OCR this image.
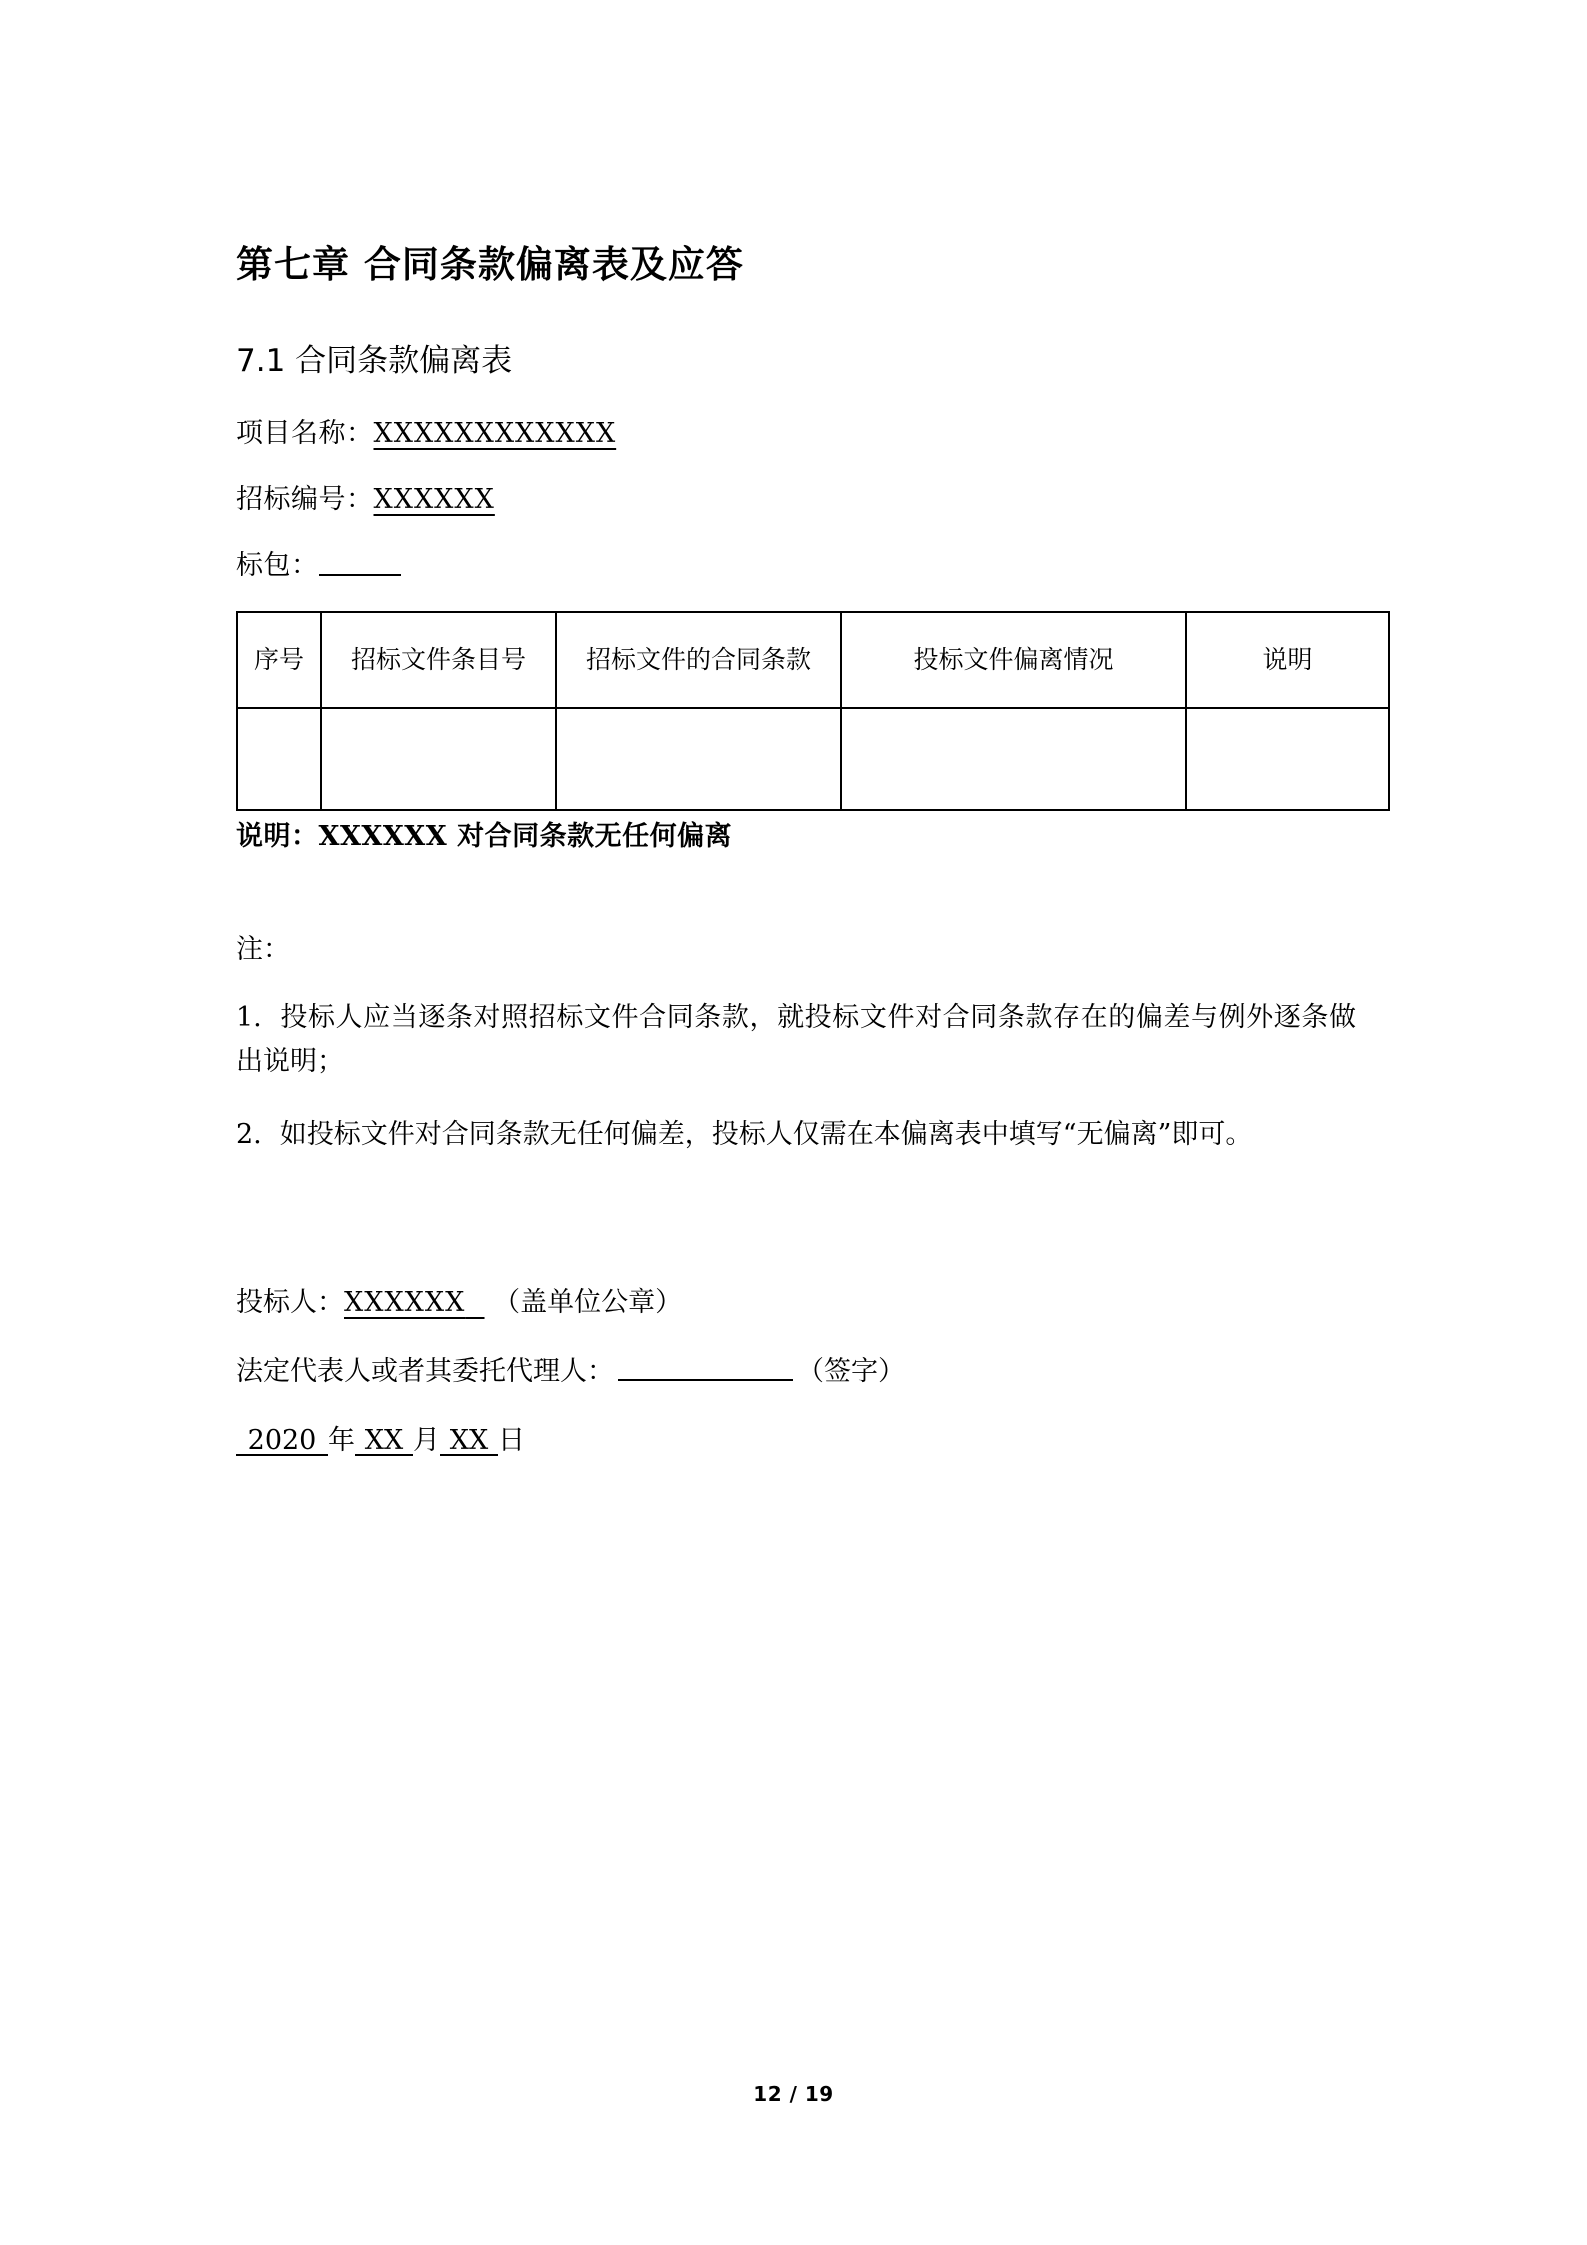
第七章 合同条款偏离表及应答
7.1 合同条款偏离表

项目名称：XXXXXXXXXXXX

招标编号：XXXXXX

标包：

序号	招标文件条目号	招标文件的合同条款	投标文件偏离情况	说明

说明：XXXXXX 对合同条款无任何偏离

注：

1. 投标人应当逐条对照招标文件合同条款，就投标文件对合同条款存在的偏差与例外逐条做出说明；

2. 如投标文件对合同条款无任何偏差，投标人仅需在本偏离表中填写“无偏离”即可。

投标人：XXXXXX （盖单位公章）

法定代表人或者其委托代理人：	（签字）

2020 年 XX 月 XX 日

12 / 19
